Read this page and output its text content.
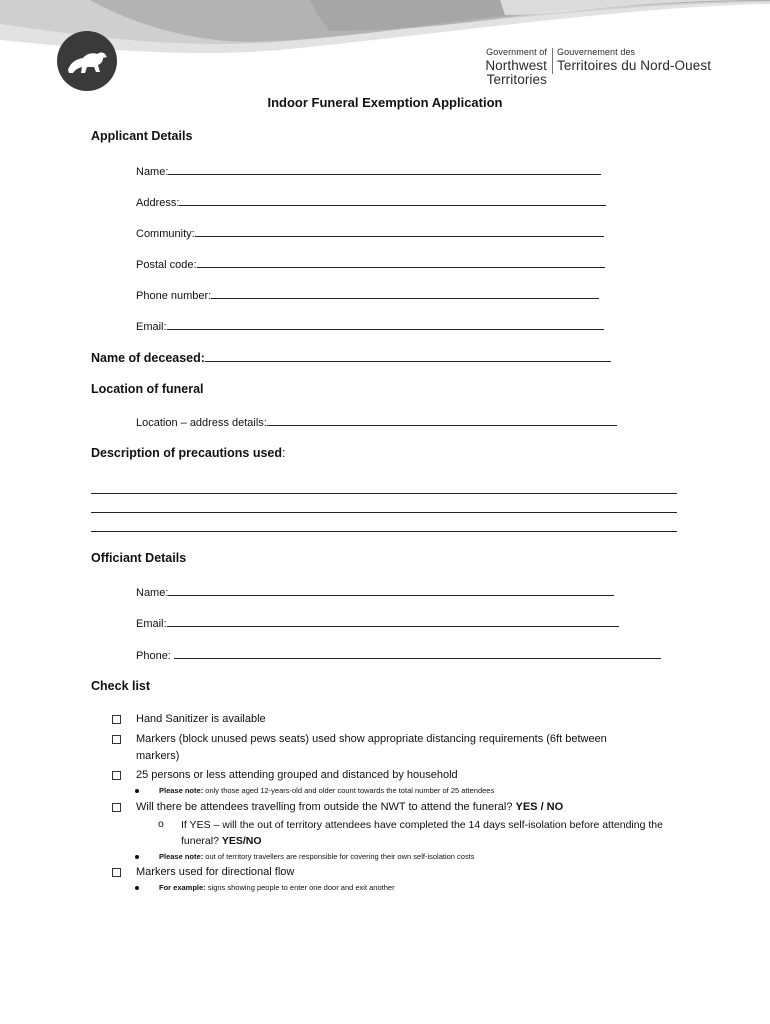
Government of
Northwest Territories
Gouvernement des
Territoires du Nord-Ouest
Indoor Funeral Exemption Application
Applicant Details
Name:
Address:
Community:
Postal code:
Phone number:
Email:
Name of deceased:
Location of funeral
Location – address details:
Description of precautions used:
Officiant Details
Name:
Email:
Phone:
Check list
Hand Sanitizer is available
Markers (block unused pews seats) used show appropriate distancing requirements (6ft between markers)
25 persons or less attending grouped and distanced by household
Please note: only those aged 12-years-old and older count towards the total number of 25 attendees
Will there be attendees travelling from outside the NWT to attend the funeral? YES / NO
o If YES – will the out of territory attendees have completed the 14 days self-isolation before attending the funeral? YES/NO
Please note: out of territory travellers are responsible for covering their own self-isolation costs
Markers used for directional flow
For example: signs showing people to enter one door and exit another
